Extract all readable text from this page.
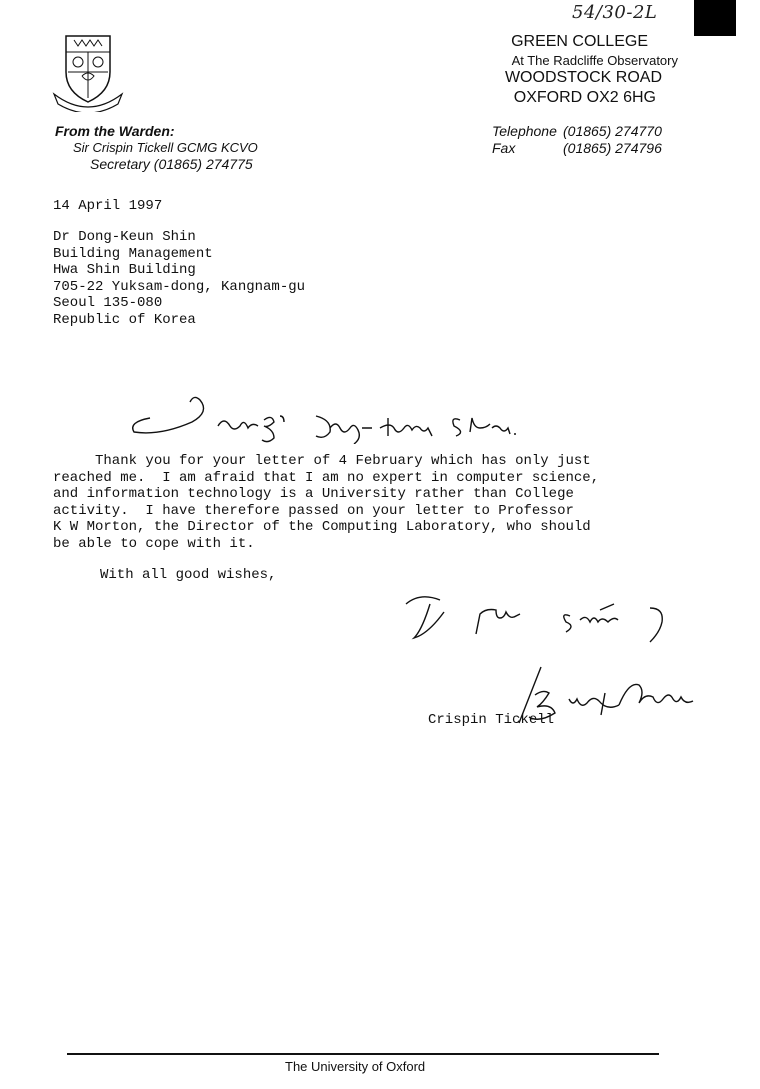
54/30-2L
GREEN COLLEGE
At The Radcliffe Observatory
WOODSTOCK ROAD
OXFORD OX2 6HG
From the Warden:
Sir Crispin Tickell GCMG KCVO
Secretary (01865) 274775
Telephone (01865) 274770
Fax	(01865) 274796
14 April 1997
Dr Dong-Keun Shin
Building Management
Hwa Shin Building
705-22 Yuksam-dong, Kangnam-gu
Seoul 135-080
Republic of Korea
Thank you for your letter of 4 February which has only just
reached me.  I am afraid that I am no expert in computer science,
and information technology is a University rather than College
activity.  I have therefore passed on your letter to Professor
K W Morton, the Director of the Computing Laboratory, who should
be able to cope with it.
With all good wishes,
Crispin Tickell
The University of Oxford
